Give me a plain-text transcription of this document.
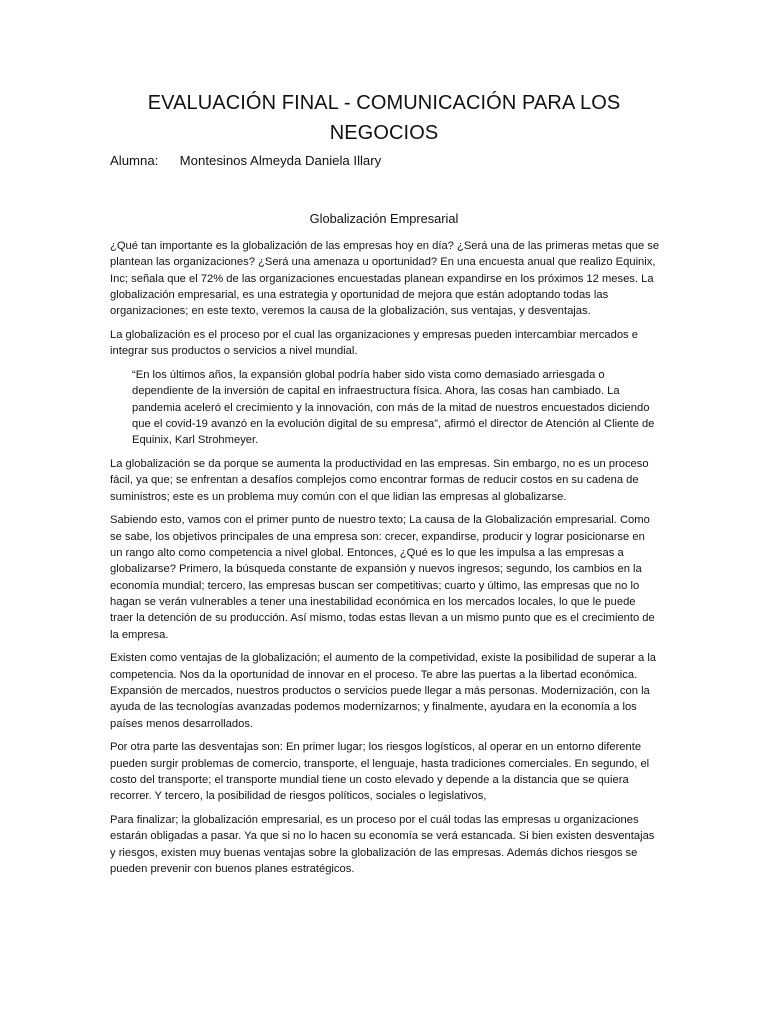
EVALUACIÓN FINAL - COMUNICACIÓN PARA LOS
NEGOCIOS
Alumna: Montesinos Almeyda Daniela Illary
Globalización Empresarial

¿Qué tan importante es la globalización de las empresas hoy en día? ¿Será una de las primeras metas que se plantean las organizaciones? ¿Será una amenaza u oportunidad? En una encuesta anual que realizo Equinix, Inc; señala que el 72% de las organizaciones encuestadas planean expandirse en los próximos 12 meses. La globalización empresarial, es una estrategia y oportunidad de mejora que están adoptando todas las organizaciones; en este texto, veremos la causa de la globalización, sus ventajas, y desventajas.

La globalización es el proceso por el cual las organizaciones y empresas pueden intercambiar mercados e integrar sus productos o servicios a nivel mundial.

“En los últimos años, la expansión global podría haber sido vista como demasiado arriesgada o dependiente de la inversión de capital en infraestructura física. Ahora, las cosas han cambiado. La pandemia aceleró el crecimiento y la innovación, con más de la mitad de nuestros encuestados diciendo que el covid-19 avanzó en la evolución digital de su empresa”, afirmó el director de Atención al Cliente de Equinix, Karl Strohmeyer.

La globalización se da porque se aumenta la productividad en las empresas. Sin embargo, no es un proceso fácil, ya que; se enfrentan a desafíos complejos como encontrar formas de reducir costos en su cadena de suministros; este es un problema muy común con el que lidian las empresas al globalizarse.

Sabiendo esto, vamos con el primer punto de nuestro texto; La causa de la Globalización empresarial. Como se sabe, los objetivos principales de una empresa son: crecer, expandirse, producir y lograr posicionarse en un rango alto como competencia a nivel global. Entonces, ¿Qué es lo que les impulsa a las empresas a globalizarse? Primero, la búsqueda constante de expansión y nuevos ingresos; segundo, los cambios en la economía mundial; tercero, las empresas buscan ser competitivas; cuarto y último, las empresas que no lo hagan se verán vulnerables a tener una inestabilidad económica en los mercados locales, lo que le puede traer la detención de su producción. Así mismo, todas estas llevan a un mismo punto que es el crecimiento de la empresa.

Existen como ventajas de la globalización; el aumento de la competividad, existe la posibilidad de superar a la competencia. Nos da la oportunidad de innovar en el proceso. Te abre las puertas a la libertad económica. Expansión de mercados, nuestros productos o servicios puede llegar a más personas. Modernización, con la ayuda de las tecnologías avanzadas podemos modernizarnos; y finalmente, ayudara en la economía a los países menos desarrollados.

Por otra parte las desventajas son: En primer lugar; los riesgos logísticos, al operar en un entorno diferente pueden surgir problemas de comercio, transporte, el lenguaje, hasta tradiciones comerciales. En segundo, el costo del transporte; el transporte mundial tiene un costo elevado y depende a la distancia que se quiera recorrer. Y tercero, la posibilidad de riesgos políticos, sociales o legislativos,

Para finalizar; la globalización empresarial, es un proceso por el cuál todas las empresas u organizaciones estarán obligadas a pasar. Ya que si no lo hacen su economía se verá estancada. Si bien existen desventajas y riesgos, existen muy buenas ventajas sobre la globalización de las empresas. Además dichos riesgos se pueden prevenir con buenos planes estratégicos.
